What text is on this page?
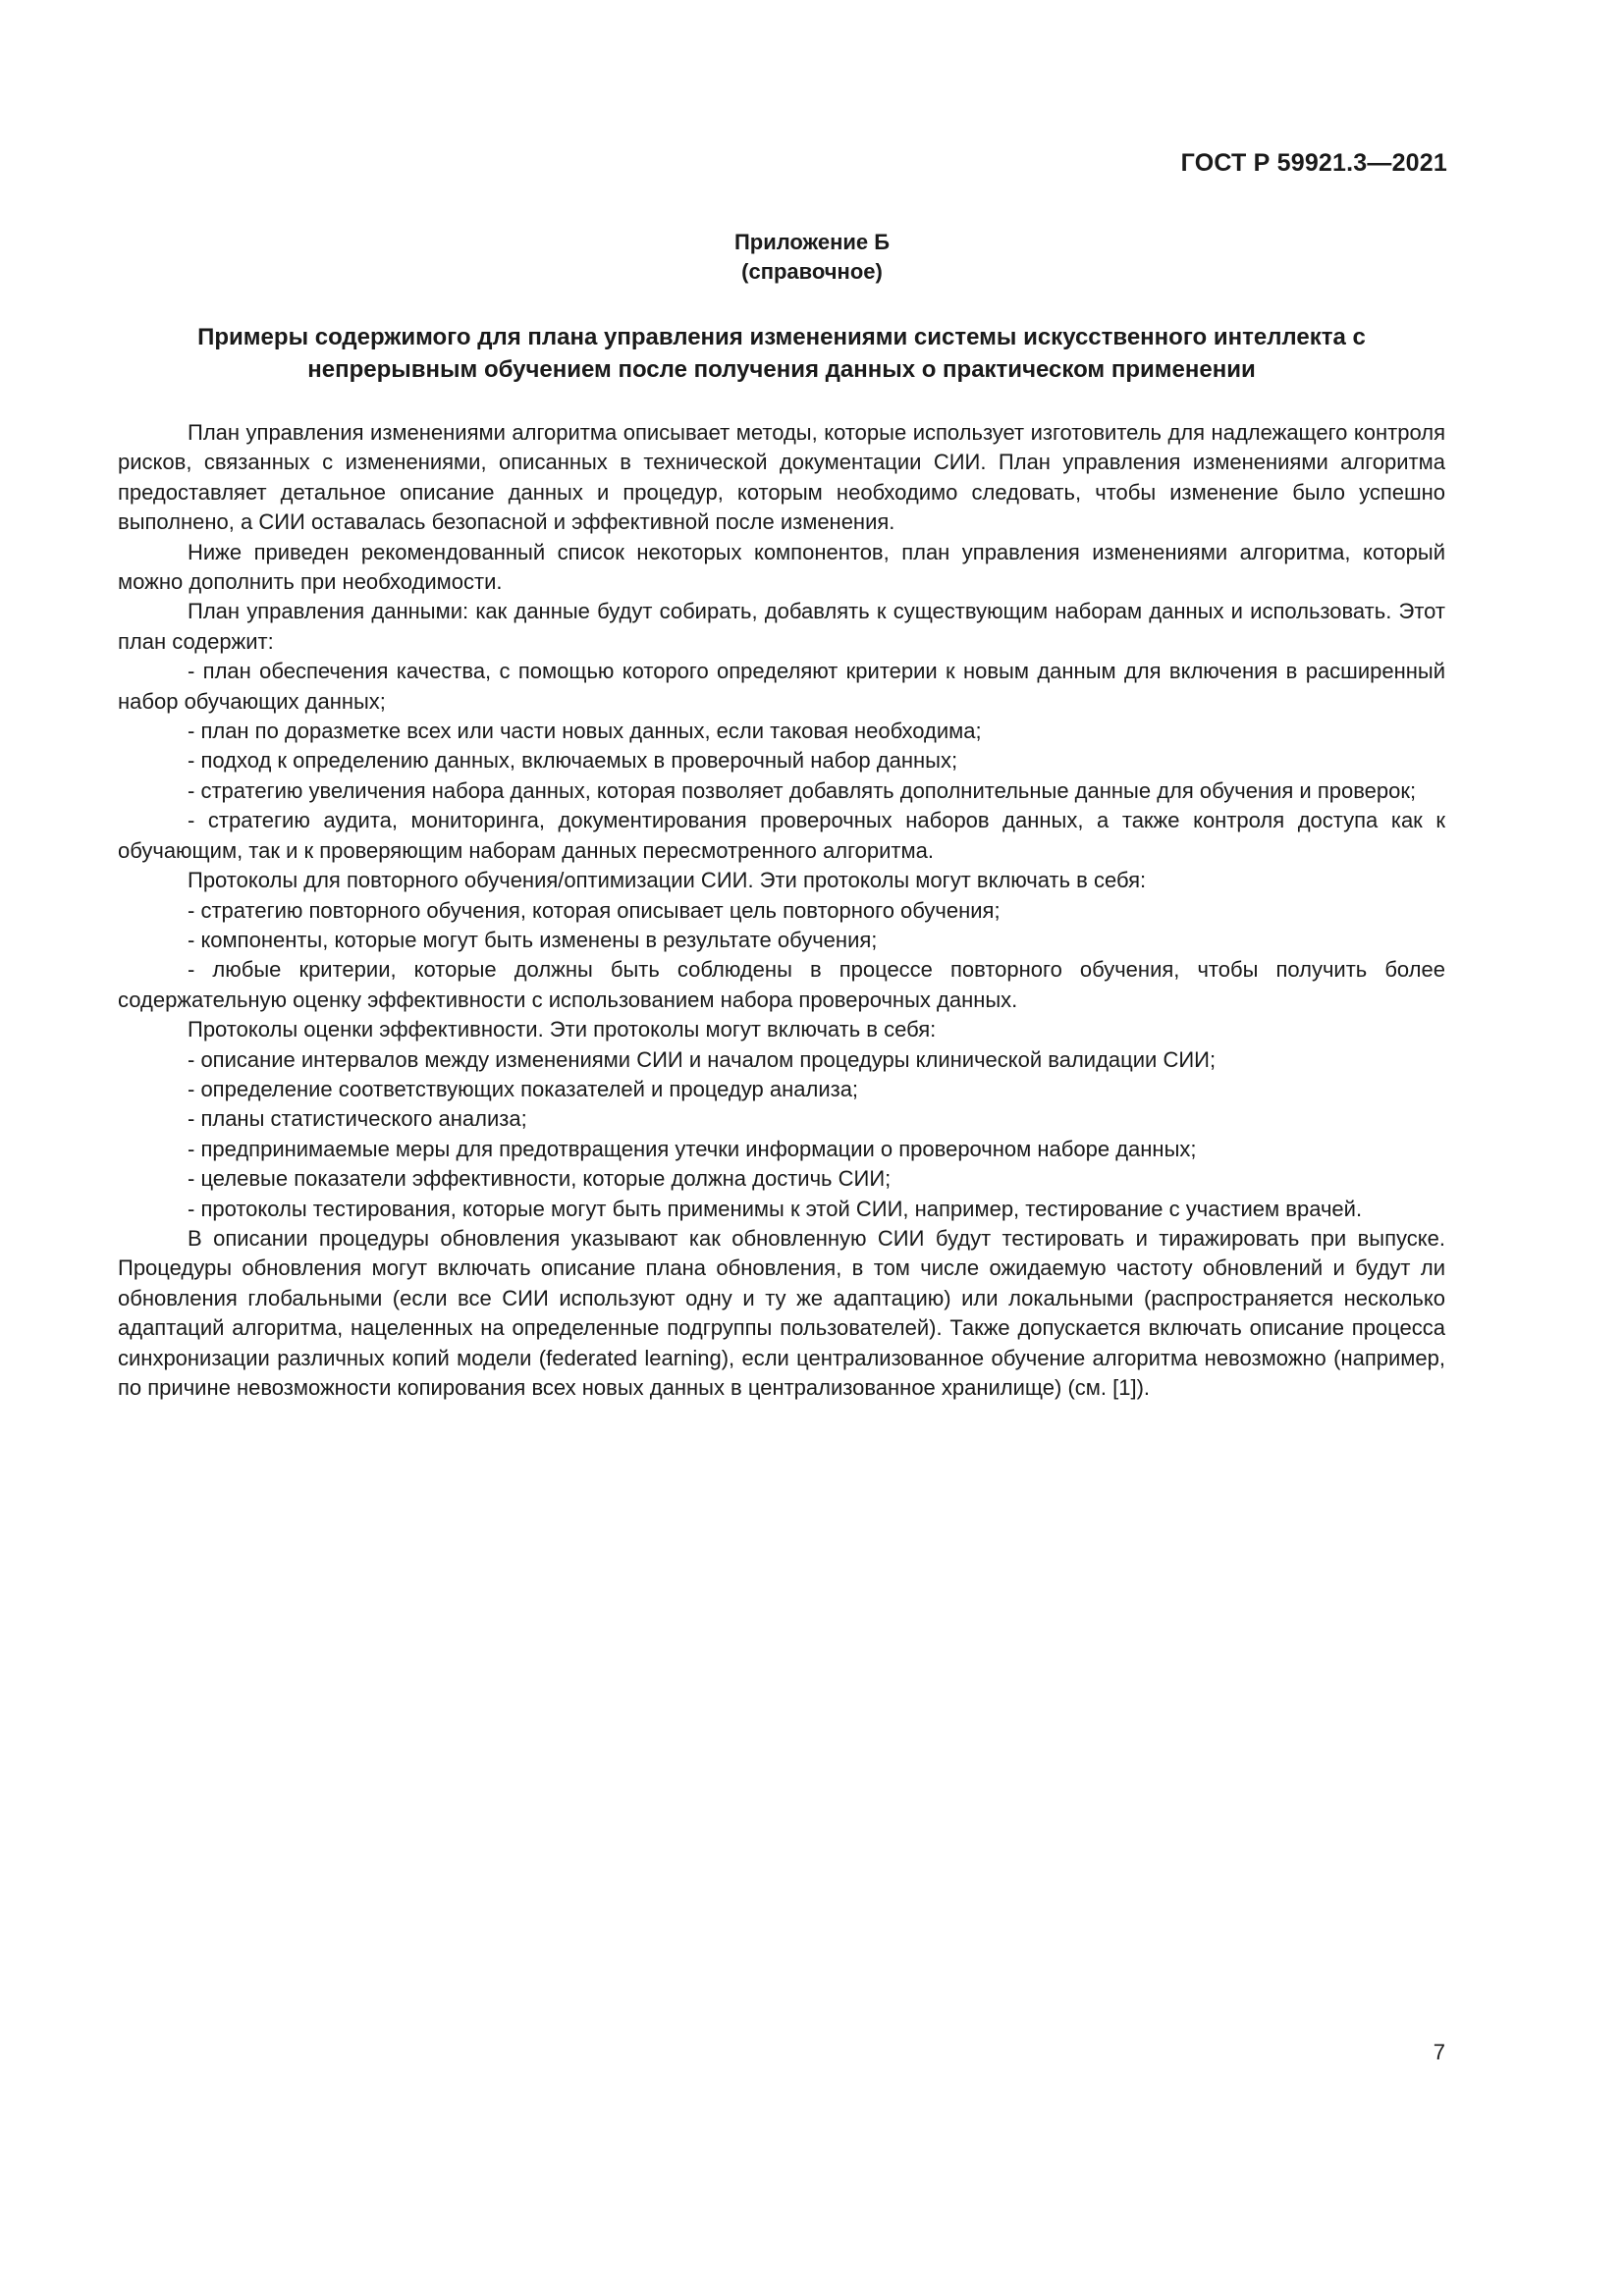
ГОСТ Р 59921.3—2021
Приложение Б
(справочное)
Примеры содержимого для плана управления изменениями системы искусственного интеллекта с непрерывным обучением после получения данных о практическом применении

План управления изменениями алгоритма описывает методы, которые использует изготовитель для надлежащего контроля рисков, связанных с изменениями, описанных в технической документации СИИ. План управления изменениями алгоритма предоставляет детальное описание данных и процедур, которым необходимо следовать, чтобы изменение было успешно выполнено, а СИИ оставалась безопасной и эффективной после изменения.

Ниже приведен рекомендованный список некоторых компонентов, план управления изменениями алгоритма, который можно дополнить при необходимости.

План управления данными: как данные будут собирать, добавлять к существующим наборам данных и использовать. Этот план содержит:

- план обеспечения качества, с помощью которого определяют критерии к новым данным для включения в расширенный набор обучающих данных;

- план по доразметке всех или части новых данных, если таковая необходима;

- подход к определению данных, включаемых в проверочный набор данных;

- стратегию увеличения набора данных, которая позволяет добавлять дополнительные данные для обучения и проверок;

- стратегию аудита, мониторинга, документирования проверочных наборов данных, а также контроля доступа как к обучающим, так и к проверяющим наборам данных пересмотренного алгоритма.

Протоколы для повторного обучения/оптимизации СИИ. Эти протоколы могут включать в себя:

- стратегию повторного обучения, которая описывает цель повторного обучения;

- компоненты, которые могут быть изменены в результате обучения;

- любые критерии, которые должны быть соблюдены в процессе повторного обучения, чтобы получить более содержательную оценку эффективности с использованием набора проверочных данных.

Протоколы оценки эффективности. Эти протоколы могут включать в себя:

- описание интервалов между изменениями СИИ и началом процедуры клинической валидации СИИ;

- определение соответствующих показателей и процедур анализа;

- планы статистического анализа;

- предпринимаемые меры для предотвращения утечки информации о проверочном наборе данных;

- целевые показатели эффективности, которые должна достичь СИИ;

- протоколы тестирования, которые могут быть применимы к этой СИИ, например, тестирование с участием врачей.

В описании процедуры обновления указывают как обновленную СИИ будут тестировать и тиражировать при выпуске. Процедуры обновления могут включать описание плана обновления, в том числе ожидаемую частоту обновлений и будут ли обновления глобальными (если все СИИ используют одну и ту же адаптацию) или локальными (распространяется несколько адаптаций алгоритма, нацеленных на определенные подгруппы пользователей). Также допускается включать описание процесса синхронизации различных копий модели (federated learning), если централизованное обучение алгоритма невозможно (например, по причине невозможности копирования всех новых данных в централизованное хранилище) (см. [1]).

7
